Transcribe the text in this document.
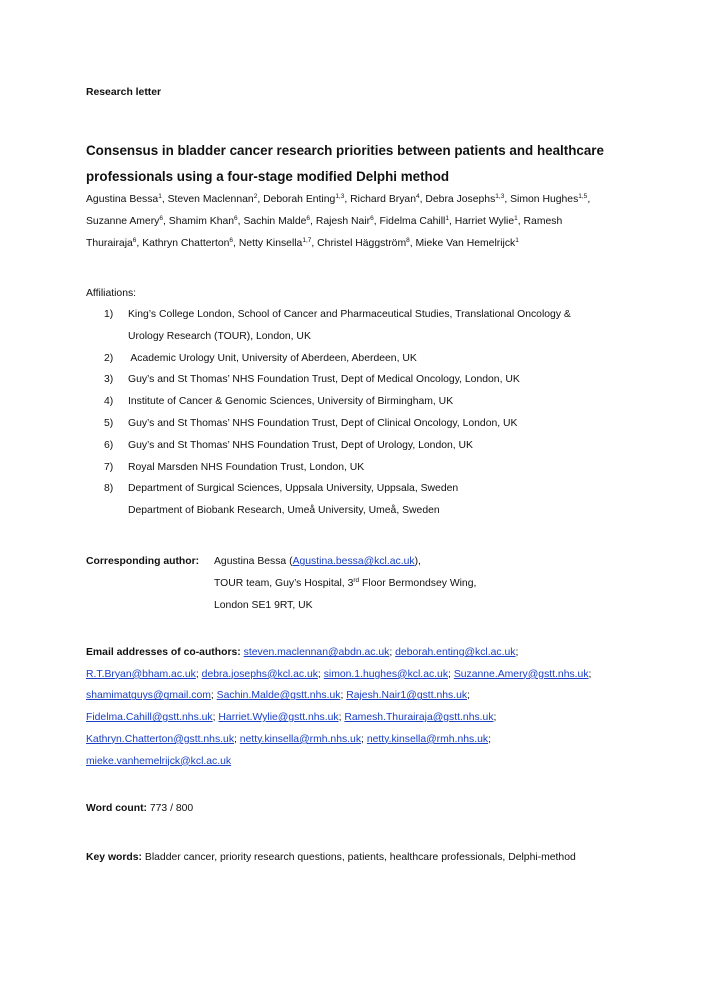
Research letter
Consensus in bladder cancer research priorities between patients and healthcare
professionals using a four-stage modified Delphi method
Agustina Bessa$^1$, Steven Maclennan$^2$, Deborah Enting$^{1,3}$, Richard Bryan$^4$, Debra Josephs$^{1,3}$, Simon Hughes$^{1,5}$,
Suzanne Amery$^6$, Shamim Khan$^6$, Sachin Malde$^6$, Rajesh Nair$^6$, Fidelma Cahill$^1$, Harriet Wylie$^1$, Ramesh
Thurairaja$^6$, Kathryn Chatterton$^6$, Netty Kinsella$^{1,7}$, Christel Häggström$^8$, Mieke Van Hemelrijck$^1$
Affiliations:
1) King’s College London, School of Cancer and Pharmaceutical Studies, Translational Oncology &
Urology Research (TOUR), London, UK
2) Academic Urology Unit, University of Aberdeen, Aberdeen, UK
3) Guy’s and St Thomas’ NHS Foundation Trust, Dept of Medical Oncology, London, UK
4) Institute of Cancer & Genomic Sciences, University of Birmingham, UK
5) Guy’s and St Thomas’ NHS Foundation Trust, Dept of Clinical Oncology, London, UK
6) Guy’s and St Thomas’ NHS Foundation Trust, Dept of Urology, London, UK
7) Royal Marsden NHS Foundation Trust, London, UK
8) Department of Surgical Sciences, Uppsala University, Uppsala, Sweden
Department of Biobank Research, Umeå University, Umeå, Sweden
Corresponding author: Agustina Bessa (Agustina.bessa@kcl.ac.uk),
TOUR team, Guy’s Hospital, 3rd Floor Bermondsey Wing,
London SE1 9RT, UK
Email addresses of co-authors: steven.maclennan@abdn.ac.uk; deborah.enting@kcl.ac.uk;
R.T.Bryan@bham.ac.uk; debra.josephs@kcl.ac.uk; simon.1.hughes@kcl.ac.uk; Suzanne.Amery@gstt.nhs.uk;
shamimatguys@gmail.com; Sachin.Malde@gstt.nhs.uk; Rajesh.Nair1@gstt.nhs.uk;
Fidelma.Cahill@gstt.nhs.uk; Harriet.Wylie@gstt.nhs.uk; Ramesh.Thurairaja@gstt.nhs.uk;
Kathryn.Chatterton@gstt.nhs.uk; netty.kinsella@rmh.nhs.uk; netty.kinsella@rmh.nhs.uk;
mieke.vanhemelrijck@kcl.ac.uk
Word count: 773 / 800
Key words: Bladder cancer, priority research questions, patients, healthcare professionals, Delphi-method
